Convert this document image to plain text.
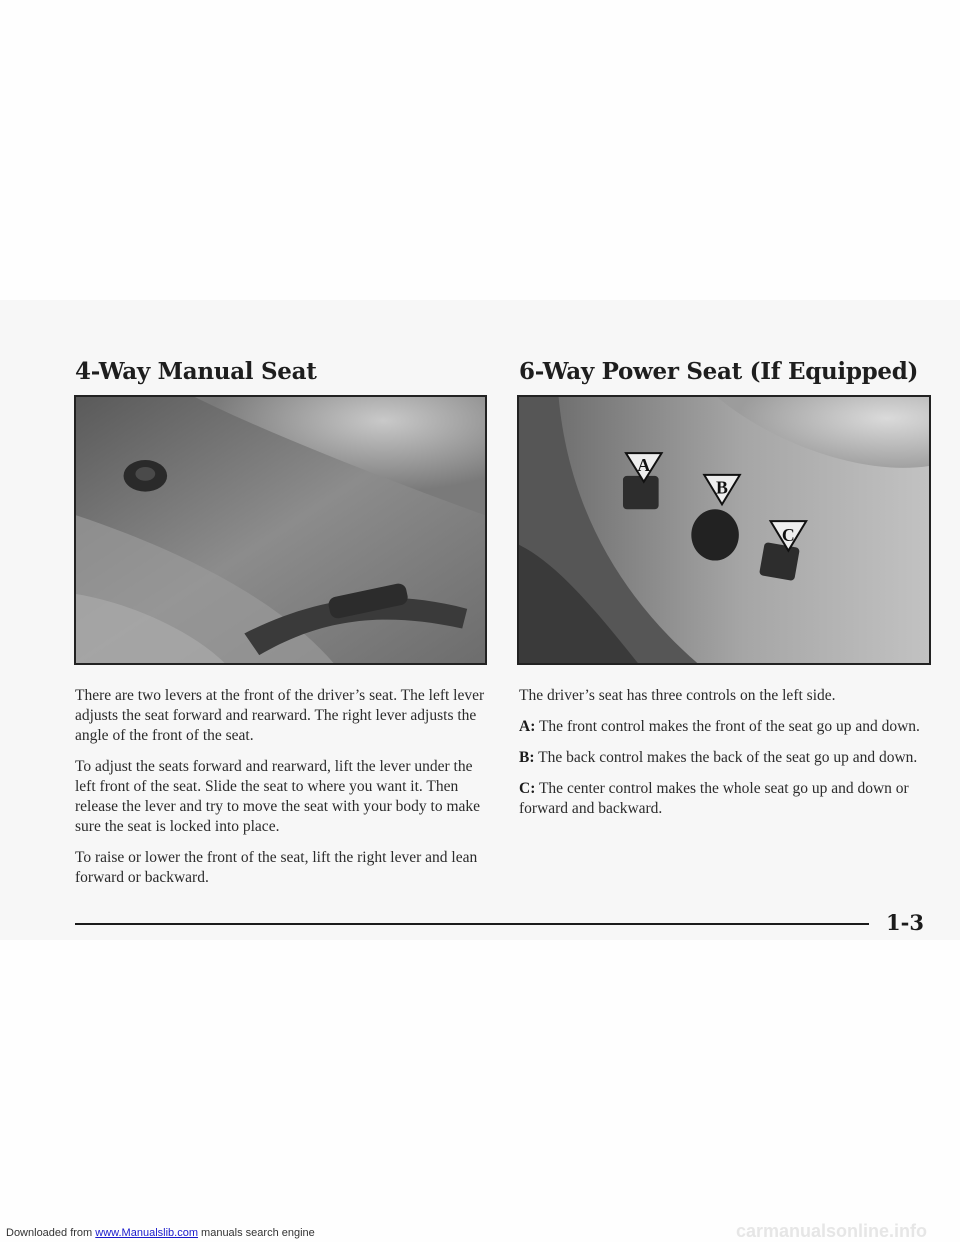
4-Way Manual Seat	6-Way Power Seat (If Equipped)
A
B
C

There are two levers at the front of the driver’s seat. The left lever adjusts the seat forward and rearward. The right lever adjusts the angle of the front of the seat.

To adjust the seats forward and rearward, lift the lever under the left front of the seat. Slide the seat to where you want it. Then release the lever and try to move the seat with your body to make sure the seat is locked into place.

To raise or lower the front of the seat, lift the right lever and lean forward or backward.

The driver’s seat has three controls on the left side.

A: The front control makes the front of the seat go up and down.

B: The back control makes the back of the seat go up and down.

C: The center control makes the whole seat go up and down or forward and backward.

1-3
Downloaded from www.Manualslib.com manuals search engine	carmanualsonline.info
